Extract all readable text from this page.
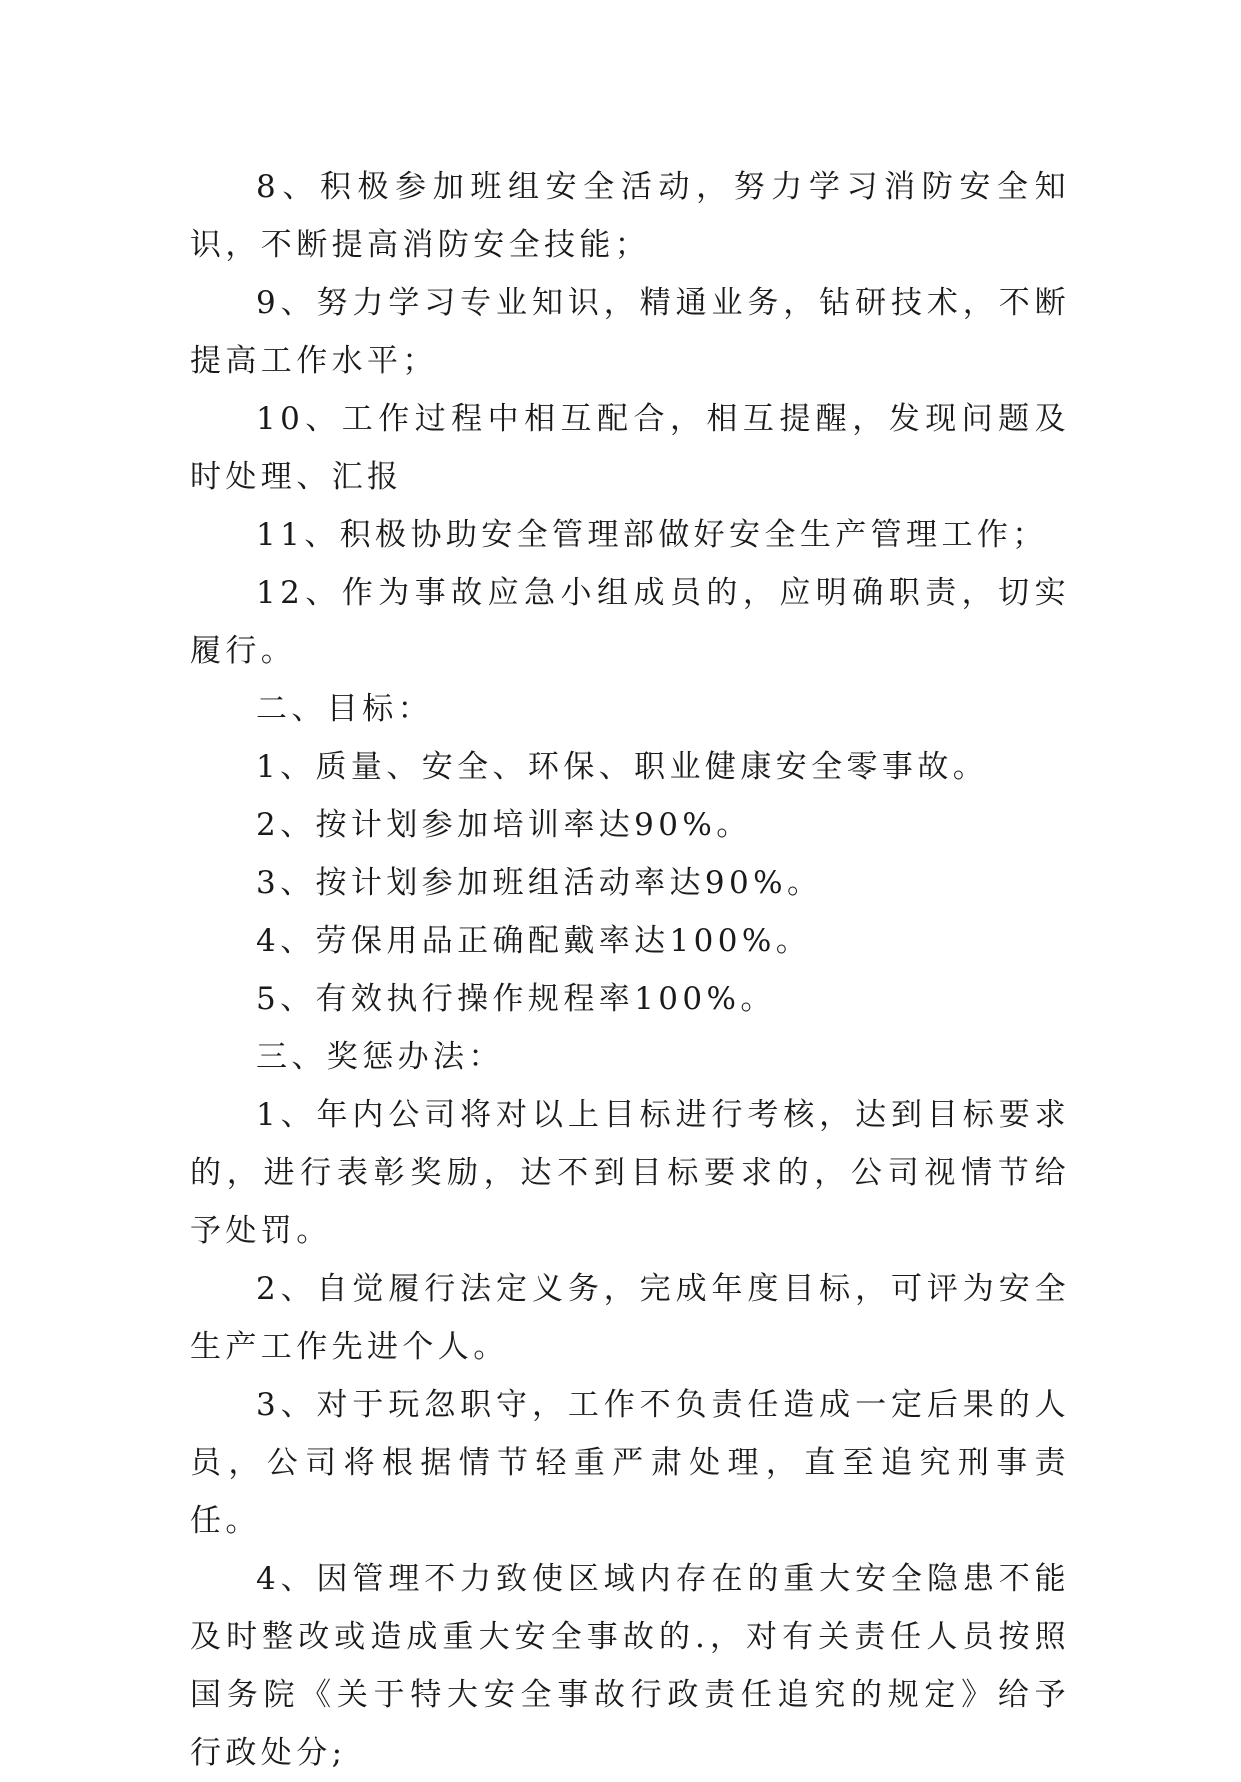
8、积极参加班组安全活动，努力学习消防安全知识，不断提高消防安全技能；

9、努力学习专业知识，精通业务，钻研技术，不断提高工作水平；

10、工作过程中相互配合，相互提醒，发现问题及时处理、汇报

11、积极协助安全管理部做好安全生产管理工作；

12、作为事故应急小组成员的，应明确职责，切实履行。

二、目标：

1、质量、安全、环保、职业健康安全零事故。

2、按计划参加培训率达90%。

3、按计划参加班组活动率达90%。

4、劳保用品正确配戴率达100%。

5、有效执行操作规程率100%。

三、奖惩办法：

1、年内公司将对以上目标进行考核，达到目标要求的，进行表彰奖励，达不到目标要求的，公司视情节给予处罚。

2、自觉履行法定义务，完成年度目标，可评为安全生产工作先进个人。

3、对于玩忽职守，工作不负责任造成一定后果的人员，公司将根据情节轻重严肃处理，直至追究刑事责任。

4、因管理不力致使区域内存在的重大安全隐患不能及时整改或造成重大安全事故的.，对有关责任人员按照国务院《关于特大安全事故行政责任追究的规定》给予行政处分;
